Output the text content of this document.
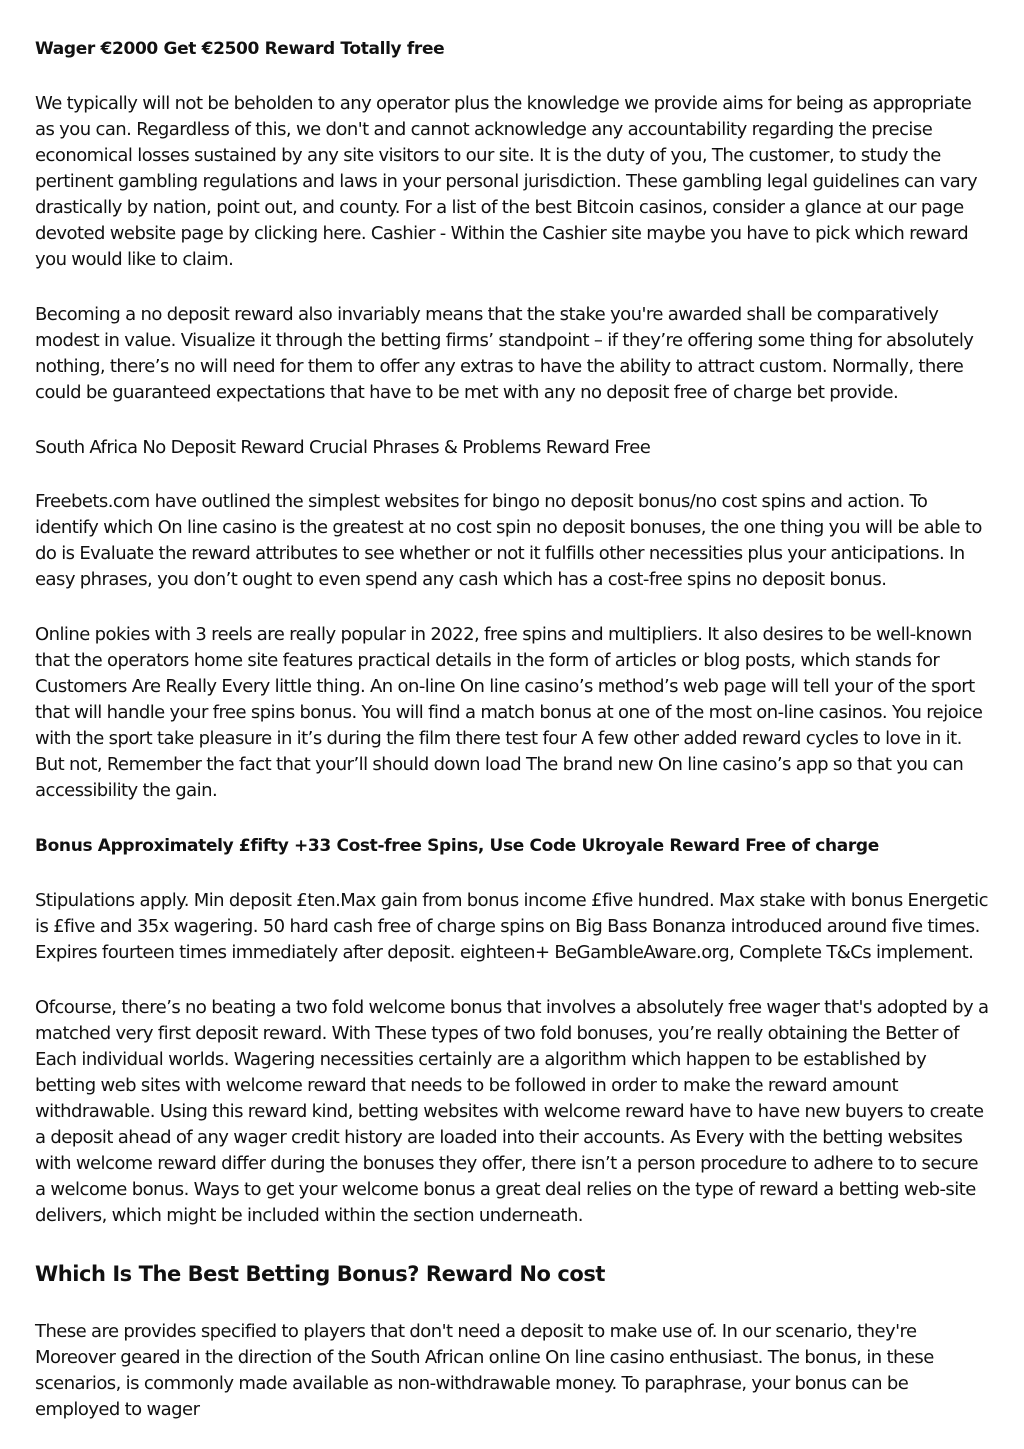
Wager €2000 Get €2500 Reward Totally free

We typically will not be beholden to any operator plus the knowledge we provide aims for being as appropriate as you can. Regardless of this, we don't and cannot acknowledge any accountability regarding the precise economical losses sustained by any site visitors to our site. It is the duty of you, The customer, to study the pertinent gambling regulations and laws in your personal jurisdiction. These gambling legal guidelines can vary drastically by nation, point out, and county. For a list of the best Bitcoin casinos, consider a glance at our page devoted website page by clicking here. Cashier - Within the Cashier site maybe you have to pick which reward you would like to claim.

Becoming a no deposit reward also invariably means that the stake you're awarded shall be comparatively modest in value. Visualize it through the betting firms’ standpoint – if they’re offering some thing for absolutely nothing, there’s no will need for them to offer any extras to have the ability to attract custom. Normally, there could be guaranteed expectations that have to be met with any no deposit free of charge bet provide.

South Africa No Deposit Reward Crucial Phrases & Problems Reward Free

Freebets.com have outlined the simplest websites for bingo no deposit bonus/no cost spins and action. To identify which On line casino is the greatest at no cost spin no deposit bonuses, the one thing you will be able to do is Evaluate the reward attributes to see whether or not it fulfills other necessities plus your anticipations. In easy phrases, you don’t ought to even spend any cash which has a cost-free spins no deposit bonus.

Online pokies with 3 reels are really popular in 2022, free spins and multipliers. It also desires to be well-known that the operators home site features practical details in the form of articles or blog posts, which stands for Customers Are Really Every little thing. An on-line On line casino’s method’s web page will tell your of the sport that will handle your free spins bonus. You will find a match bonus at one of the most on-line casinos. You rejoice with the sport take pleasure in it’s during the film there test four A few other added reward cycles to love in it. But not, Remember the fact that your’ll should down load The brand new On line casino’s app so that you can accessibility the gain.

Bonus Approximately £fifty +33 Cost-free Spins, Use Code Ukroyale Reward Free of charge

Stipulations apply. Min deposit £ten.Max gain from bonus income £five hundred. Max stake with bonus Energetic is £five and 35x wagering. 50 hard cash free of charge spins on Big Bass Bonanza introduced around five times. Expires fourteen times immediately after deposit. eighteen+ BeGambleAware.org, Complete T&Cs implement.

Ofcourse, there’s no beating a two fold welcome bonus that involves a absolutely free wager that's adopted by a matched very first deposit reward. With These types of two fold bonuses, you’re really obtaining the Better of Each individual worlds. Wagering necessities certainly are a algorithm which happen to be established by betting web sites with welcome reward that needs to be followed in order to make the reward amount withdrawable. Using this reward kind, betting websites with welcome reward have to have new buyers to create a deposit ahead of any wager credit history are loaded into their accounts. As Every with the betting websites with welcome reward differ during the bonuses they offer, there isn’t a person procedure to adhere to to secure a welcome bonus. Ways to get your welcome bonus a great deal relies on the type of reward a betting web-site delivers, which might be included within the section underneath.

Which Is The Best Betting Bonus? Reward No cost

These are provides specified to players that don't need a deposit to make use of. In our scenario, they're Moreover geared in the direction of the South African online On line casino enthusiast. The bonus, in these scenarios, is commonly made available as non-withdrawable money. To paraphrase, your bonus can be employed to wager
